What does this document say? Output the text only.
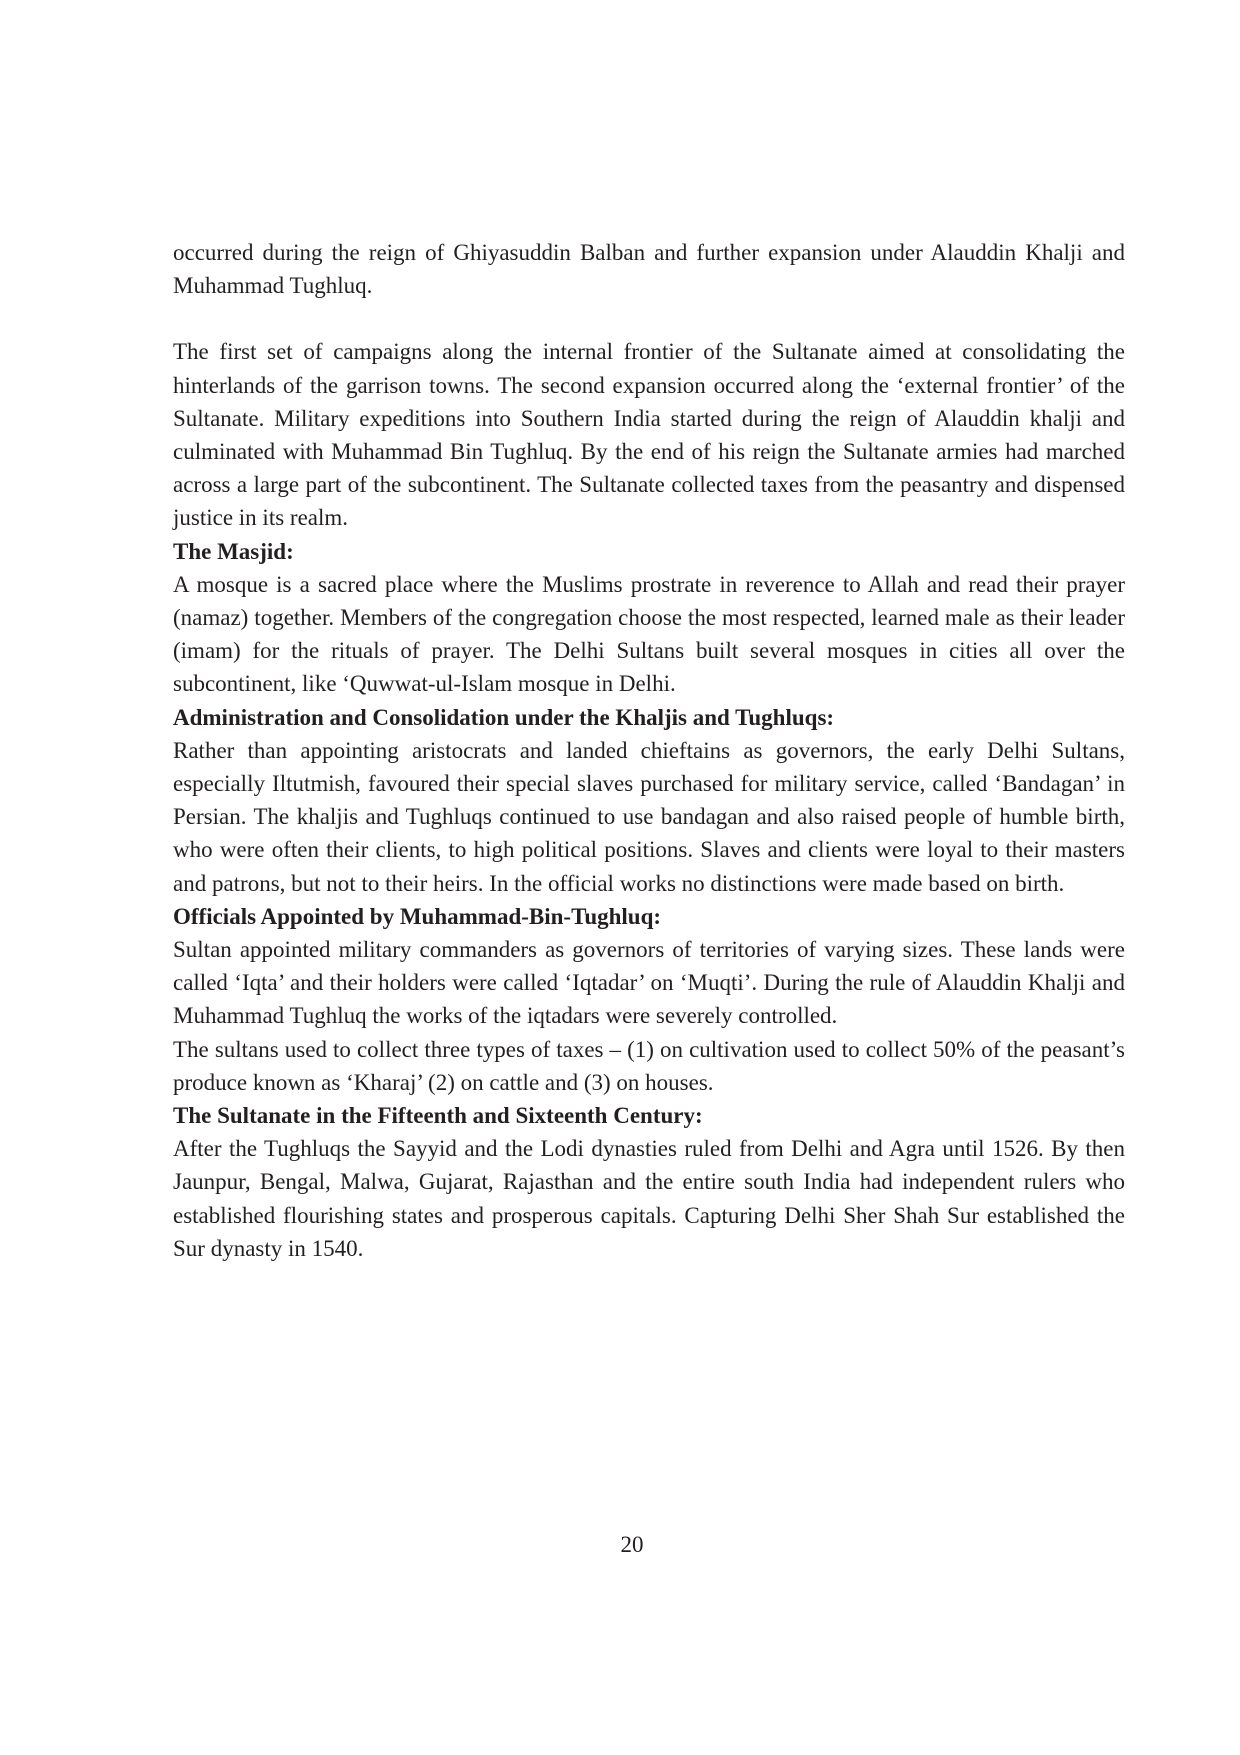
occurred during the reign of Ghiyasuddin Balban and further expansion under Alauddin Khalji and Muhammad Tughluq.

The first set of campaigns along the internal frontier of the Sultanate aimed at consolidating the hinterlands of the garrison towns. The second expansion occurred along the ‘external frontier’ of the Sultanate. Military expeditions into Southern India started during the reign of Alauddin khalji and culminated with Muhammad Bin Tughluq. By the end of his reign the Sultanate armies had marched across a large part of the subcontinent. The Sultanate collected taxes from the peasantry and dispensed justice in its realm.

The Masjid:

A mosque is a sacred place where the Muslims prostrate in reverence to Allah and read their prayer (namaz) together. Members of the congregation choose the most respected, learned male as their leader (imam) for the rituals of prayer. The Delhi Sultans built several mosques in cities all over the subcontinent, like ‘Quwwat-ul-Islam mosque in Delhi.

Administration and Consolidation under the Khaljis and Tughluqs:

Rather than appointing aristocrats and landed chieftains as governors, the early Delhi Sultans, especially Iltutmish, favoured their special slaves purchased for military service, called ‘Bandagan’ in Persian. The khaljis and Tughluqs continued to use bandagan and also raised people of humble birth, who were often their clients, to high political positions. Slaves and clients were loyal to their masters and patrons, but not to their heirs. In the official works no distinctions were made based on birth.

Officials Appointed by Muhammad-Bin-Tughluq:

Sultan appointed military commanders as governors of territories of varying sizes. These lands were called ‘Iqta’ and their holders were called ‘Iqtadar’ on ‘Muqti’. During the rule of Alauddin Khalji and Muhammad Tughluq the works of the iqtadars were severely controlled.

The sultans used to collect three types of taxes – (1) on cultivation used to collect 50% of the peasant’s produce known as ‘Kharaj’ (2) on cattle and (3) on houses.

The Sultanate in the Fifteenth and Sixteenth Century:

After the Tughluqs the Sayyid and the Lodi dynasties ruled from Delhi and Agra until 1526. By then Jaunpur, Bengal, Malwa, Gujarat, Rajasthan and the entire south India had independent rulers who established flourishing states and prosperous capitals. Capturing Delhi Sher Shah Sur established the Sur dynasty in 1540.

20
